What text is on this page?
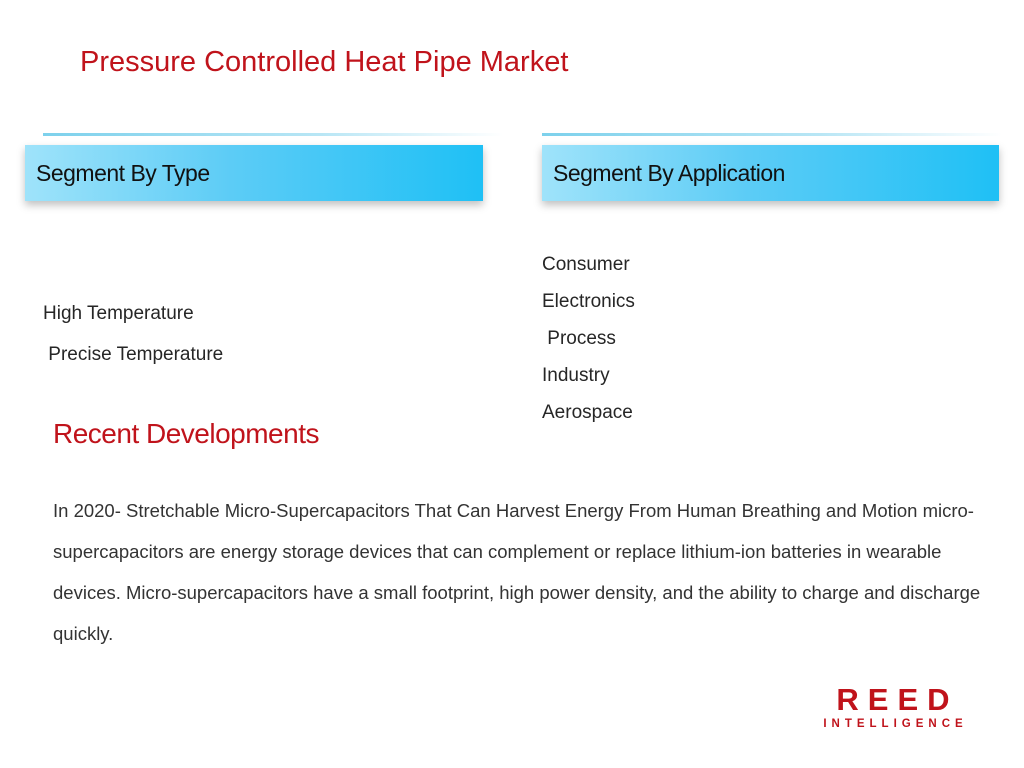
Pressure Controlled Heat Pipe Market
Segment By Type	Segment By Application
High Temperature
Precise Temperature
Consumer
Electronics
Process
Industry
Aerospace
Recent Developments
In 2020- Stretchable Micro-Supercapacitors That Can Harvest Energy From Human Breathing and Motion micro-supercapacitors are energy storage devices that can complement or replace lithium-ion batteries in wearable devices. Micro-supercapacitors have a small footprint, high power density, and the ability to charge and discharge quickly.
REED
INTELLIGENCE
